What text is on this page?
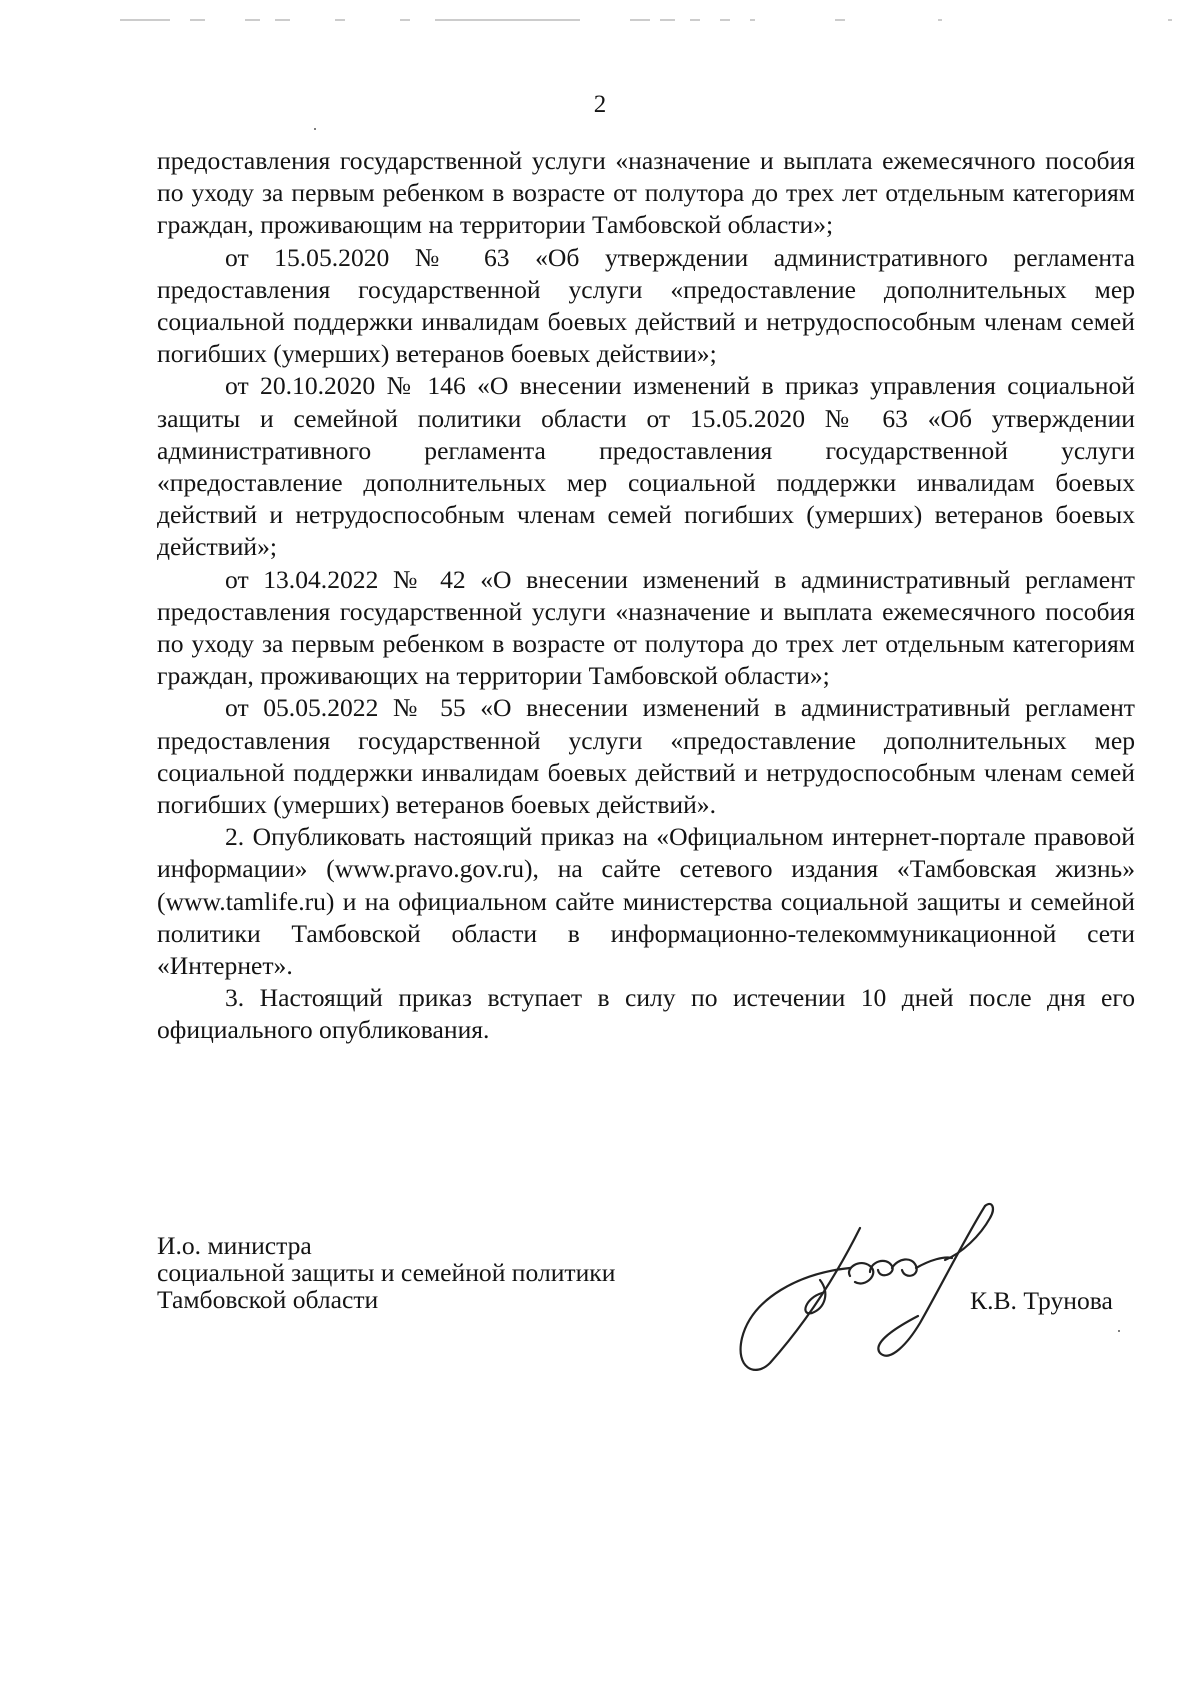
2

предоставления государственной услуги «назначение и выплата ежемесячного пособия по уходу за первым ребенком в возрасте от полутора до трех лет отдельным категориям граждан, проживающим на территории Тамбовской области»;

от 15.05.2020 № 63 «Об утверждении административного регламента предоставления государственной услуги «предоставление дополнительных мер социальной поддержки инвалидам боевых действий и нетрудоспособным членам семей погибших (умерших) ветеранов боевых действии»;

от 20.10.2020 № 146 «О внесении изменений в приказ управления социальной защиты и семейной политики области от 15.05.2020 № 63 «Об утверждении административного регламента предоставления государственной услуги «предоставление дополнительных мер социальной поддержки инвалидам боевых действий и нетрудоспособным членам семей погибших (умерших) ветеранов боевых действий»;

от 13.04.2022 № 42 «О внесении изменений в административный регламент предоставления государственной услуги «назначение и выплата ежемесячного пособия по уходу за первым ребенком в возрасте от полутора до трех лет отдельным категориям граждан, проживающих на территории Тамбовской области»;

от 05.05.2022 № 55 «О внесении изменений в административный регламент предоставления государственной услуги «предоставление дополнительных мер социальной поддержки инвалидам боевых действий и нетрудоспособным членам семей погибших (умерших) ветеранов боевых действий».

2. Опубликовать настоящий приказ на «Официальном интернет-портале правовой информации» (www.pravo.gov.ru), на сайте сетевого издания «Тамбовская жизнь» (www.tamlife.ru) и на официальном сайте министерства социальной защиты и семейной политики Тамбовской области в информационно-телекоммуникационной сети «Интернет».

3. Настоящий приказ вступает в силу по истечении 10 дней после дня его официального опубликования.

И.о. министра
социальной защиты и семейной политики
Тамбовской области	К.В. Трунова
